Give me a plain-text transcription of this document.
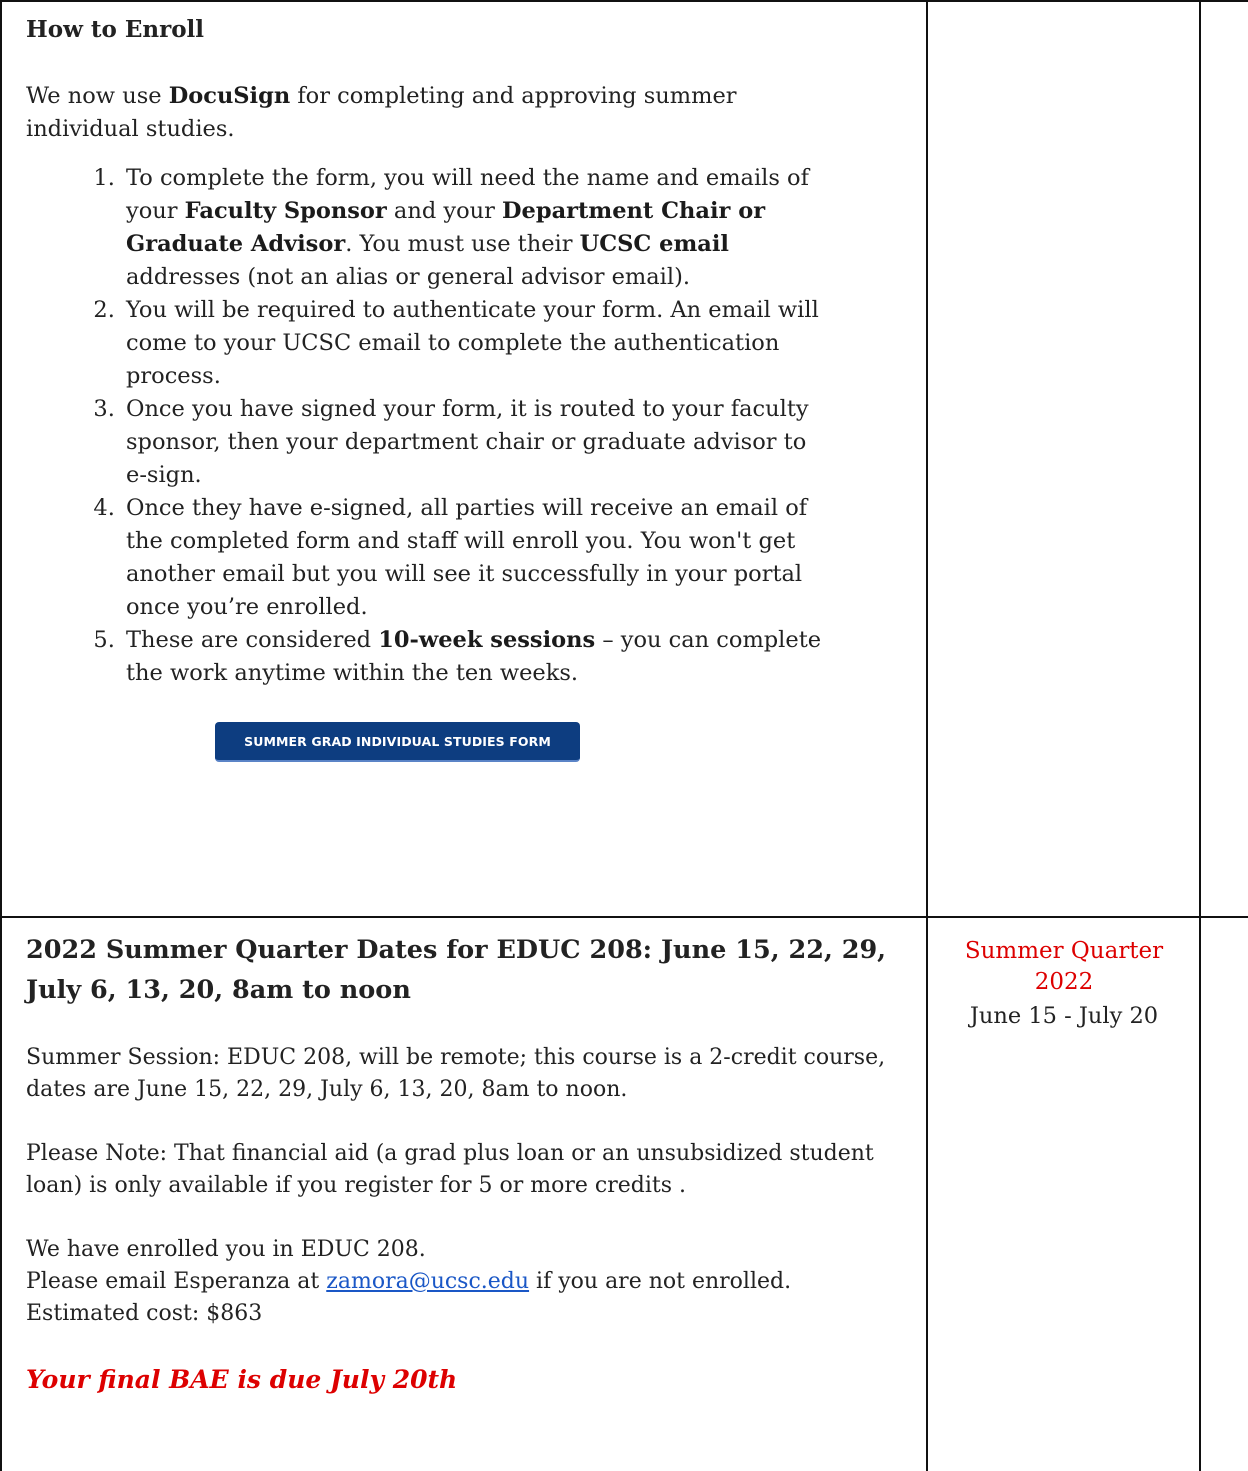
How to Enroll

We now use DocuSign for completing and approving summer individual studies.

1. To complete the form, you will need the name and emails of your Faculty Sponsor and your Department Chair or Graduate Advisor. You must use their UCSC email addresses (not an alias or general advisor email).
2. You will be required to authenticate your form. An email will come to your UCSC email to complete the authentication process.
3. Once you have signed your form, it is routed to your faculty sponsor, then your department chair or graduate advisor to e-sign.
4. Once they have e-signed, all parties will receive an email of the completed form and staff will enroll you. You won't get another email but you will see it successfully in your portal once you’re enrolled.
5. These are considered 10-week sessions – you can complete the work anytime within the ten weeks.
SUMMER GRAD INDIVIDUAL STUDIES FORM

2022 Summer Quarter Dates for EDUC 208: June 15, 22, 29, July 6, 13, 20, 8am to noon

Summer Session: EDUC 208, will be remote; this course is a 2-credit course, dates are June 15, 22, 29, July 6, 13, 20, 8am to noon.

Please Note: That financial aid (a grad plus loan or an unsubsidized student loan) is only available if you register for 5 or more credits .

We have enrolled you in EDUC 208.

Please email Esperanza at zamora@ucsc.edu if you are not enrolled.

Estimated cost: $863

Your final BAE is due July 20th

Summer Quarter 2022

June 15 - July 20
